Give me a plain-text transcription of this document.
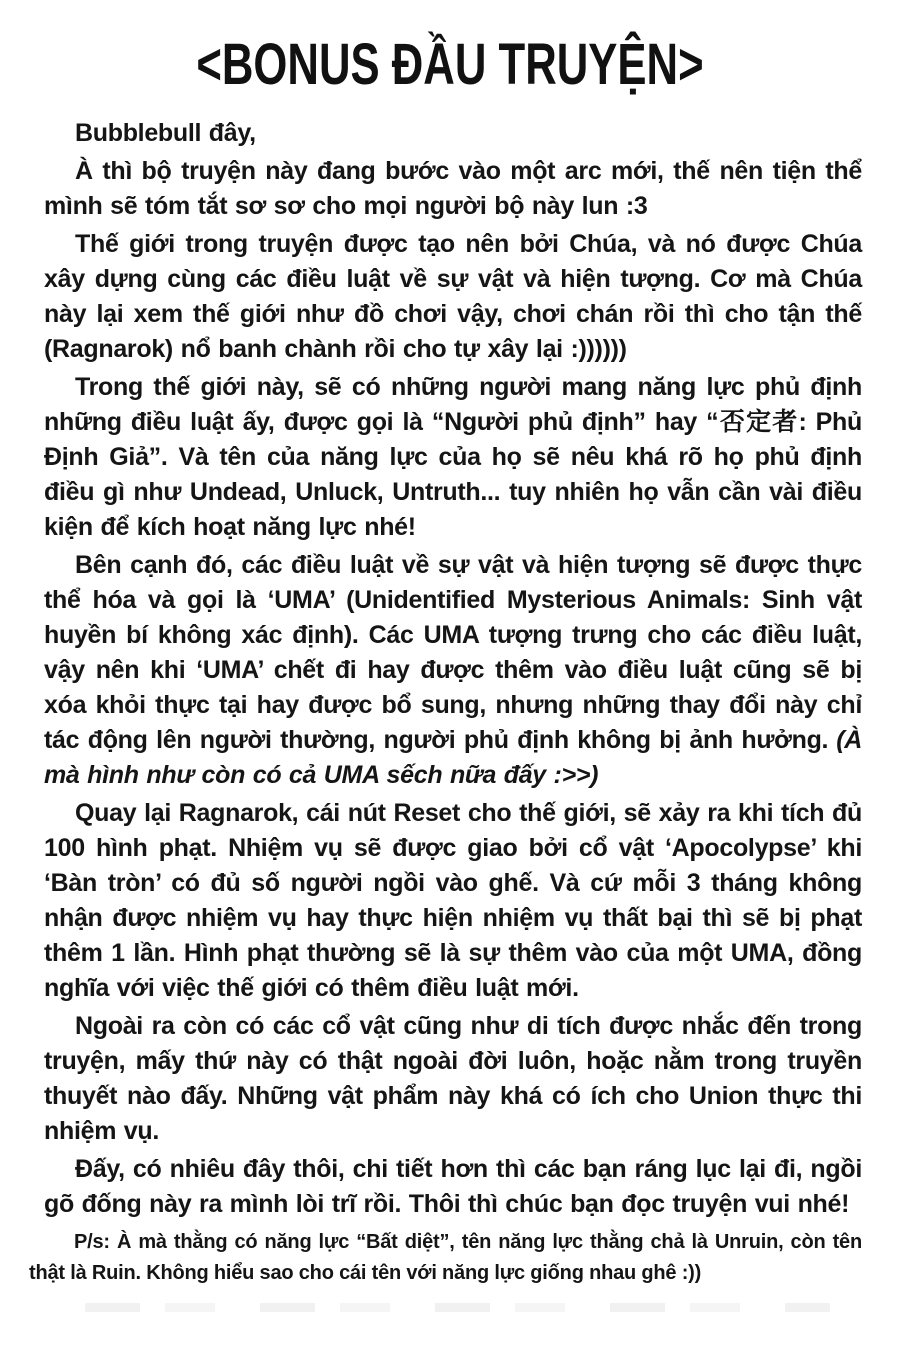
<BONUS ĐẦU TRUYỆN>

Bubblebull đây,

À thì bộ truyện này đang bước vào một arc mới, thế nên tiện thể mình sẽ tóm tắt sơ sơ cho mọi người bộ này lun :3

Thế giới trong truyện được tạo nên bởi Chúa, và nó được Chúa xây dựng cùng các điều luật về sự vật và hiện tượng. Cơ mà Chúa này lại xem thế giới như đồ chơi vậy, chơi chán rồi thì cho tận thế (Ragnarok) nổ banh chành rồi cho tự xây lại :))))))

Trong thế giới này, sẽ có những người mang năng lực phủ định những điều luật ấy, được gọi là “Người phủ định” hay “否定者: Phủ Định Giả”. Và tên của năng lực của họ sẽ nêu khá rõ họ phủ định điều gì như Undead, Unluck, Untruth... tuy nhiên họ vẫn cần vài điều kiện để kích hoạt năng lực nhé!

Bên cạnh đó, các điều luật về sự vật và hiện tượng sẽ được thực thể hóa và gọi là ‘UMA’ (Unidentified Mysterious Animals: Sinh vật huyền bí không xác định). Các UMA tượng trưng cho các điều luật, vậy nên khi ‘UMA’ chết đi hay được thêm vào điều luật cũng sẽ bị xóa khỏi thực tại hay được bổ sung, nhưng những thay đổi này chỉ tác động lên người thường, người phủ định không bị ảnh hưởng. (À mà hình như còn có cả UMA sếch nữa đấy :>>)

Quay lại Ragnarok, cái nút Reset cho thế giới, sẽ xảy ra khi tích đủ 100 hình phạt. Nhiệm vụ sẽ được giao bởi cổ vật ‘Apocolypse’ khi ‘Bàn tròn’ có đủ số người ngồi vào ghế. Và cứ mỗi 3 tháng không nhận được nhiệm vụ hay thực hiện nhiệm vụ thất bại thì sẽ bị phạt thêm 1 lần. Hình phạt thường sẽ là sự thêm vào của một UMA, đồng nghĩa với việc thế giới có thêm điều luật mới.

Ngoài ra còn có các cổ vật cũng như di tích được nhắc đến trong truyện, mấy thứ này có thật ngoài đời luôn, hoặc nằm trong truyền thuyết nào đấy. Những vật phẩm này khá có ích cho Union thực thi nhiệm vụ.

Đấy, có nhiêu đây thôi, chi tiết hơn thì các bạn ráng lục lại đi, ngồi gõ đống này ra mình lòi trĩ rồi. Thôi thì chúc bạn đọc truyện vui nhé!

P/s: À mà thằng có năng lực “Bất diệt”, tên năng lực thằng chả là Unruin, còn tên thật là Ruin. Không hiểu sao cho cái tên với năng lực giống nhau ghê :))
